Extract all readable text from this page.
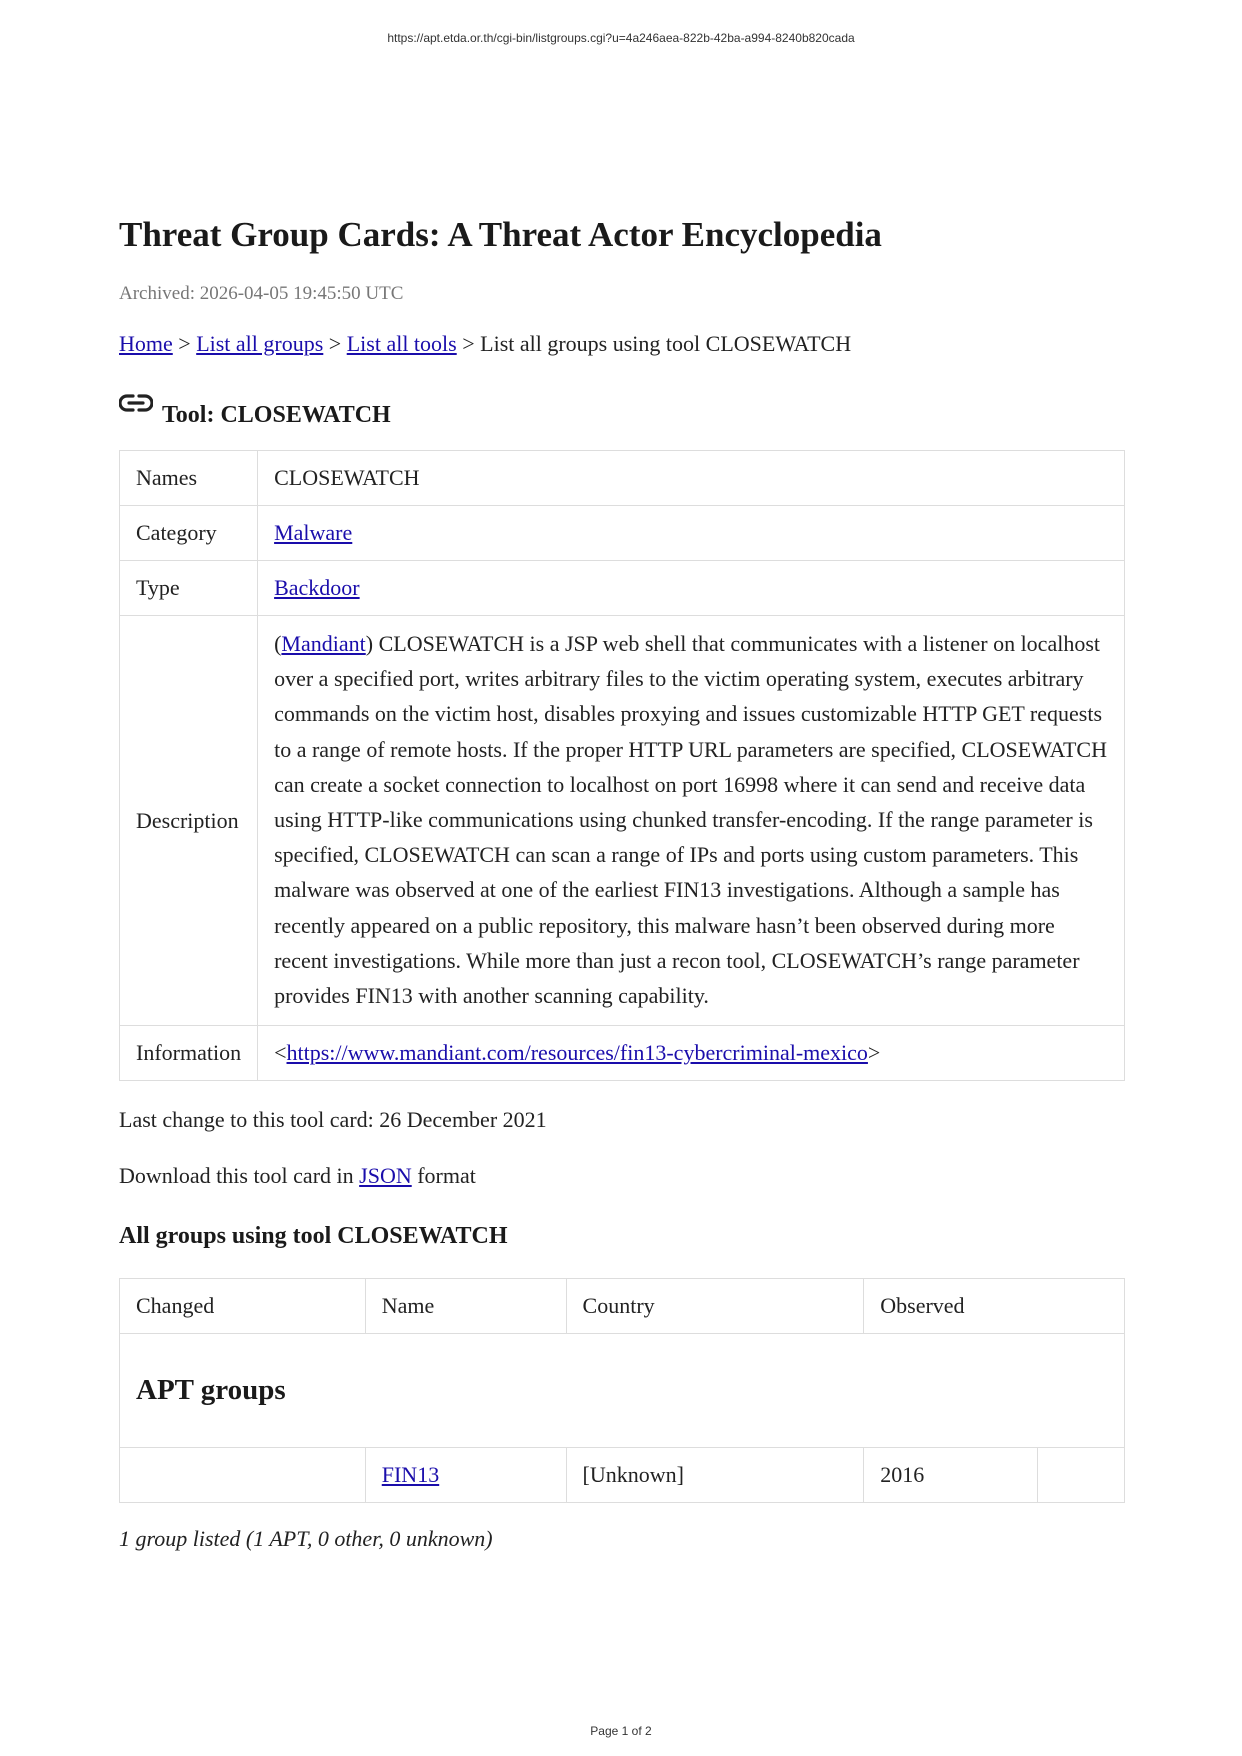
https://apt.etda.or.th/cgi-bin/listgroups.cgi?u=4a246aea-822b-42ba-a994-8240b820cada
Threat Group Cards: A Threat Actor Encyclopedia
Archived: 2026-04-05 19:45:50 UTC
Home > List all groups > List all tools > List all groups using tool CLOSEWATCH
Tool: CLOSEWATCH
Names	CLOSEWATCH
Category	Malware
Type	Backdoor
Description	(Mandiant) CLOSEWATCH is a JSP web shell that communicates with a listener on localhost over a specified port, writes arbitrary files to the victim operating system, executes arbitrary commands on the victim host, disables proxying and issues customizable HTTP GET requests to a range of remote hosts. If the proper HTTP URL parameters are specified, CLOSEWATCH can create a socket connection to localhost on port 16998 where it can send and receive data using HTTP-like communications using chunked transfer-encoding. If the range parameter is specified, CLOSEWATCH can scan a range of IPs and ports using custom parameters. This malware was observed at one of the earliest FIN13 investigations. Although a sample has recently appeared on a public repository, this malware hasn’t been observed during more recent investigations. While more than just a recon tool, CLOSEWATCH’s range parameter provides FIN13 with another scanning capability.
Information	<https://www.mandiant.com/resources/fin13-cybercriminal-mexico>
Last change to this tool card: 26 December 2021
Download this tool card in JSON format
All groups using tool CLOSEWATCH
Changed	Name	Country	Observed	
APT groups				
	FIN13	[Unknown]	2016	
1 group listed (1 APT, 0 other, 0 unknown)
Page 1 of 2
